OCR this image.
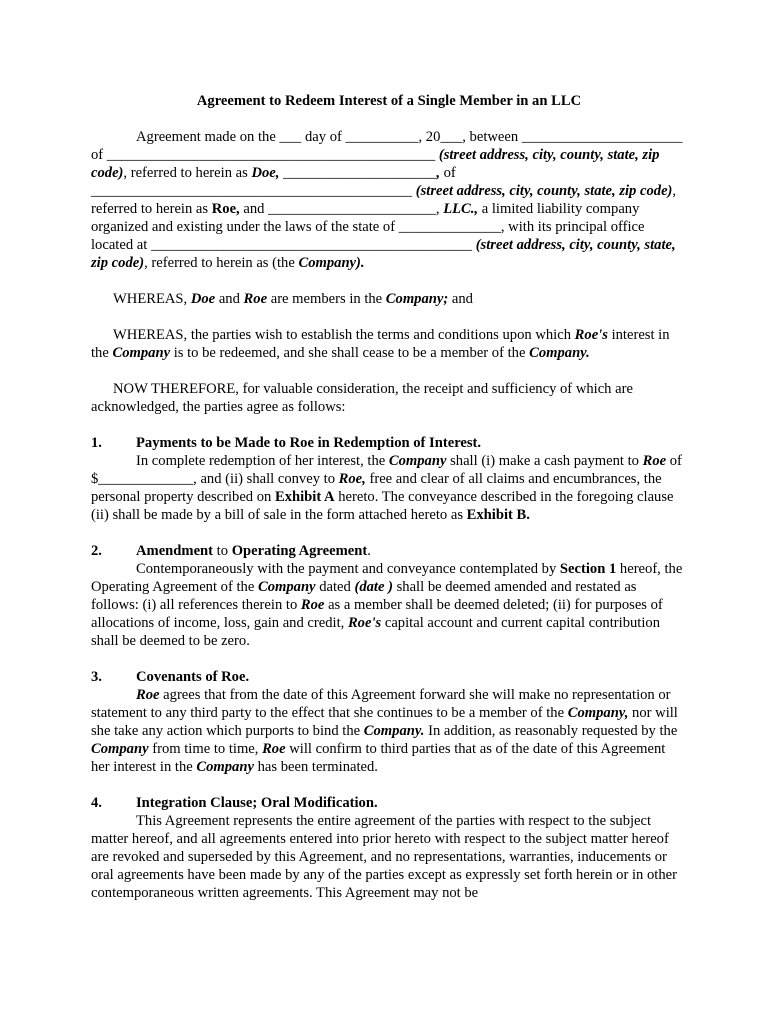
Agreement to Redeem Interest of a Single Member in an LLC

Agreement made on the ___ day of __________, 20___, between ______________________ of _____________________________________________ (street address, city, county, state, zip code), referred to herein as Doe, _____________________, of ____________________________________________ (street address, city, county, state, zip code), referred to herein as Roe, and _______________________, LLC., a limited liability company organized and existing under the laws of the state of ______________, with its principal office located at ____________________________________________ (street address, city, county, state, zip code), referred to herein as (the Company).

WHEREAS, Doe and Roe are members in the Company; and

WHEREAS, the parties wish to establish the terms and conditions upon which Roe's interest in the Company is to be redeemed, and she shall cease to be a member of the Company.

NOW THEREFORE, for valuable consideration, the receipt and sufficiency of which are acknowledged, the parties agree as follows:

1.	Payments to be Made to Roe in Redemption of Interest.

In complete redemption of her interest, the Company shall (i) make a cash payment to Roe of $_____________, and (ii) shall convey to Roe, free and clear of all claims and encumbrances, the personal property described on Exhibit A hereto. The conveyance described in the foregoing clause (ii) shall be made by a bill of sale in the form attached hereto as Exhibit B.

2.	Amendment to Operating Agreement.

Contemporaneously with the payment and conveyance contemplated by Section 1 hereof, the Operating Agreement of the Company dated (date ) shall be deemed amended and restated as follows: (i) all references therein to Roe as a member shall be deemed deleted; (ii) for purposes of allocations of income, loss, gain and credit, Roe's capital account and current capital contribution shall be deemed to be zero.

3.	Covenants of Roe.

Roe agrees that from the date of this Agreement forward she will make no representation or statement to any third party to the effect that she continues to be a member of the Company, nor will she take any action which purports to bind the Company. In addition, as reasonably requested by the Company from time to time, Roe will confirm to third parties that as of the date of this Agreement her interest in the Company has been terminated.

4.	Integration Clause; Oral Modification.

This Agreement represents the entire agreement of the parties with respect to the subject matter hereof, and all agreements entered into prior hereto with respect to the subject matter hereof are revoked and superseded by this Agreement, and no representations, warranties, inducements or oral agreements have been made by any of the parties except as expressly set forth herein or in other contemporaneous written agreements. This Agreement may not be
